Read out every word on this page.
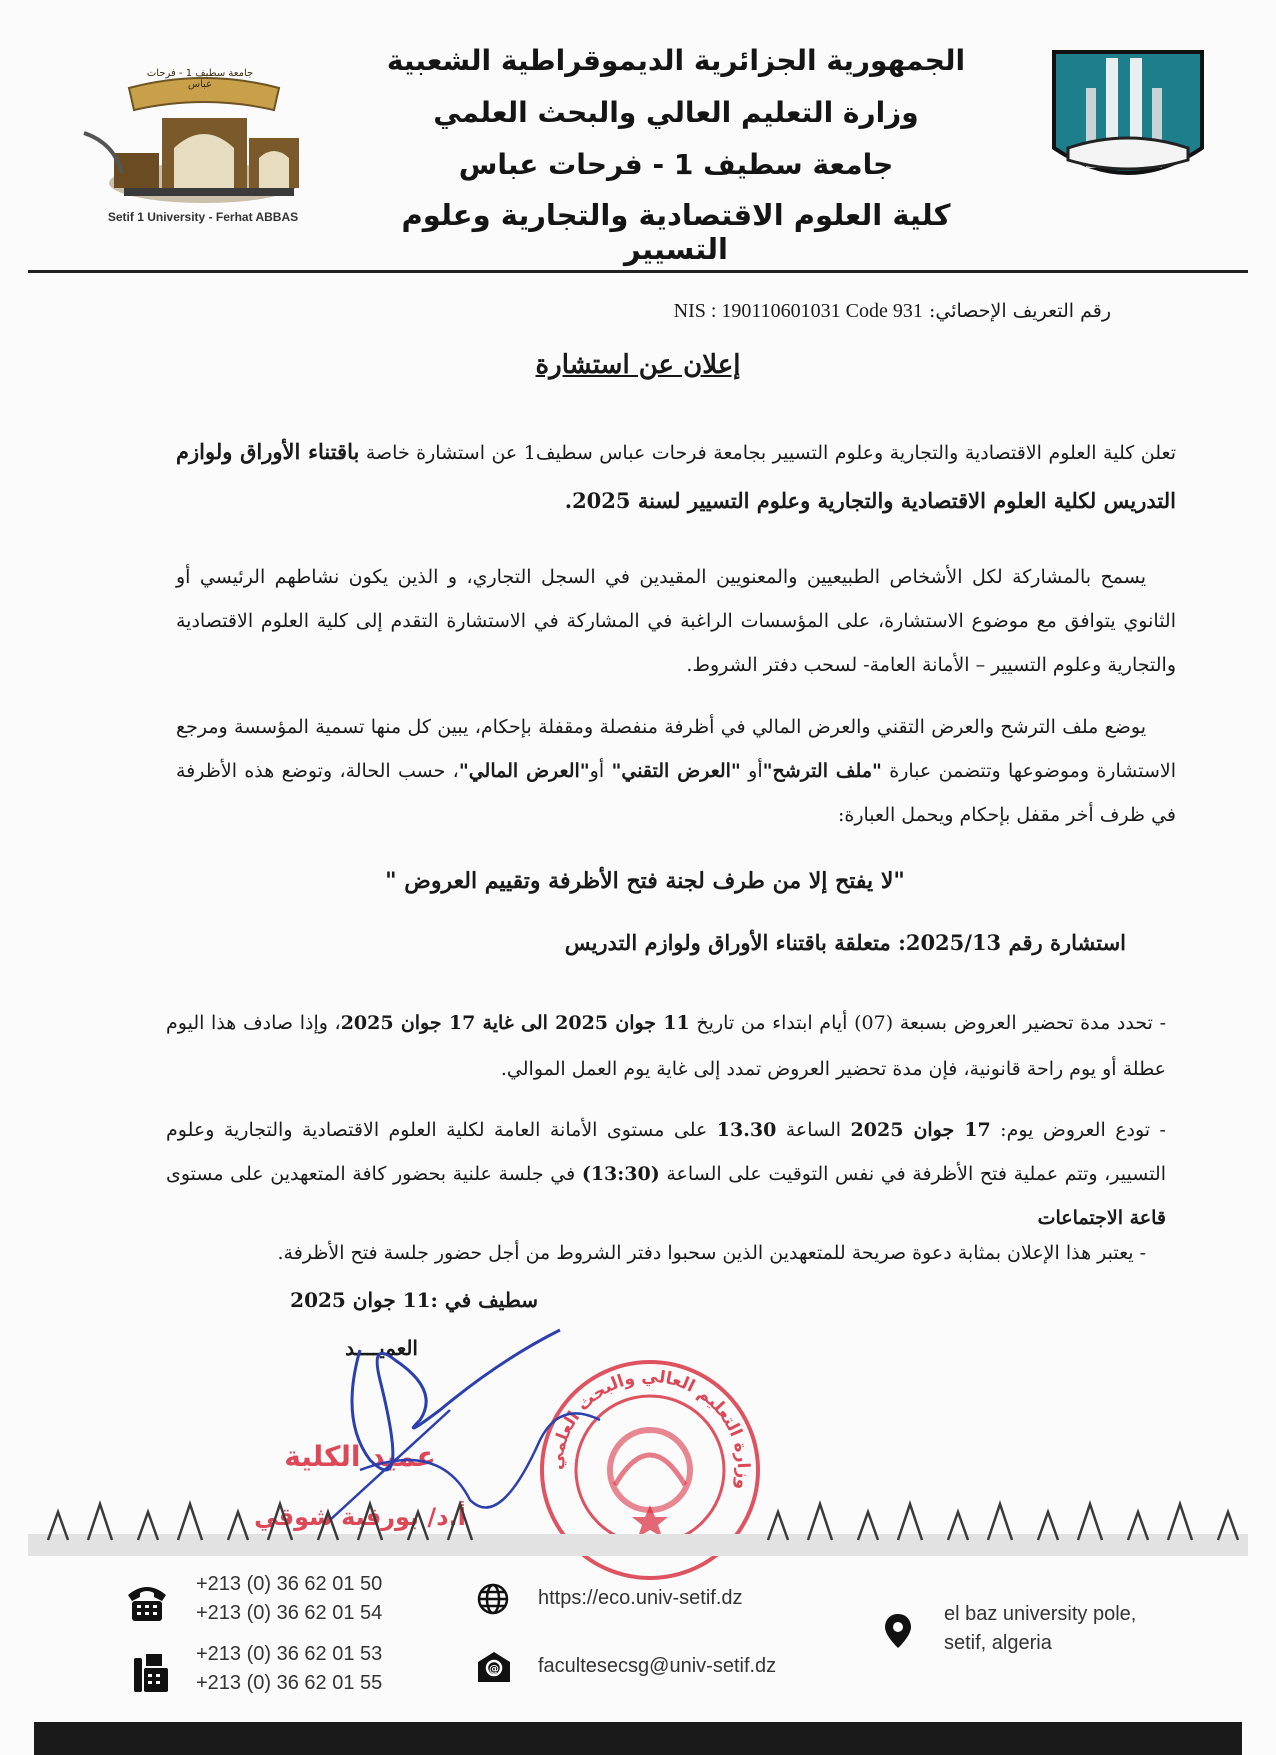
جامعة سطيف 1 - فرحات عباس
Setif 1 University - Ferhat ABBAS
الجمهورية الجزائرية الديموقراطية الشعبية
وزارة التعليم العالي والبحث العلمي
جامعة سطيف 1 - فرحات عباس
كلية العلوم الاقتصادية والتجارية وعلوم التسيير
رقم التعريف الإحصائي: NIS : 190110601031 Code 931
إعلان عن استشارة
تعلن كلية العلوم الاقتصادية والتجارية وعلوم التسيير بجامعة فرحات عباس سطيف1 عن استشارة خاصة باقتناء الأوراق ولوازم التدريس لكلية العلوم الاقتصادية والتجارية وعلوم التسيير لسنة 2025.
يسمح بالمشاركة لكل الأشخاص الطبيعيين والمعنويين المقيدين في السجل التجاري، و الذين يكون نشاطهم الرئيسي أو الثانوي يتوافق مع موضوع الاستشارة، على المؤسسات الراغبة في المشاركة في الاستشارة التقدم إلى كلية العلوم الاقتصادية والتجارية وعلوم التسيير – الأمانة العامة- لسحب دفتر الشروط.
يوضع ملف الترشح والعرض التقني والعرض المالي في أظرفة منفصلة ومقفلة بإحكام، يبين كل منها تسمية المؤسسة ومرجع الاستشارة وموضوعها وتتضمن عبارة "ملف الترشح"أو "العرض التقني" أو"العرض المالي"، حسب الحالة، وتوضع هذه الأظرفة في ظرف أخر مقفل بإحكام ويحمل العبارة:
"لا يفتح إلا من طرف لجنة فتح الأظرفة وتقييم العروض "
استشارة رقم 2025/13: متعلقة باقتناء الأوراق ولوازم التدريس
- تحدد مدة تحضير العروض بسبعة (07) أيام ابتداء من تاريخ 11 جوان 2025 الى غاية 17 جوان 2025، وإذا صادف هذا اليوم عطلة أو يوم راحة قانونية، فإن مدة تحضير العروض تمدد إلى غاية يوم العمل الموالي.
- تودع العروض يوم: 17 جوان 2025 الساعة 13.30 على مستوى الأمانة العامة لكلية العلوم الاقتصادية والتجارية وعلوم التسيير، وتتم عملية فتح الأظرفة في نفس التوقيت على الساعة (13:30) في جلسة علنية بحضور كافة المتعهدين على مستوى قاعة الاجتماعات
- يعتبر هذا الإعلان بمثابة دعوة صريحة للمتعهدين الذين سحبوا دفتر الشروط من أجل حضور جلسة فتح الأظرفة.
سطيف في :11 جوان 2025
العميــــد
وزارة التعليم العالي والبحث العلمي
عميد الكلية
أ.د/ بورقبة شوقي
+213 (0) 36 62 01 50
+213 (0) 36 62 01 54
+213 (0) 36 62 01 53
+213 (0) 36 62 01 55
https://eco.univ-setif.dz
@ facultesecsg@univ-setif.dz
el baz university pole,
setif, algeria
